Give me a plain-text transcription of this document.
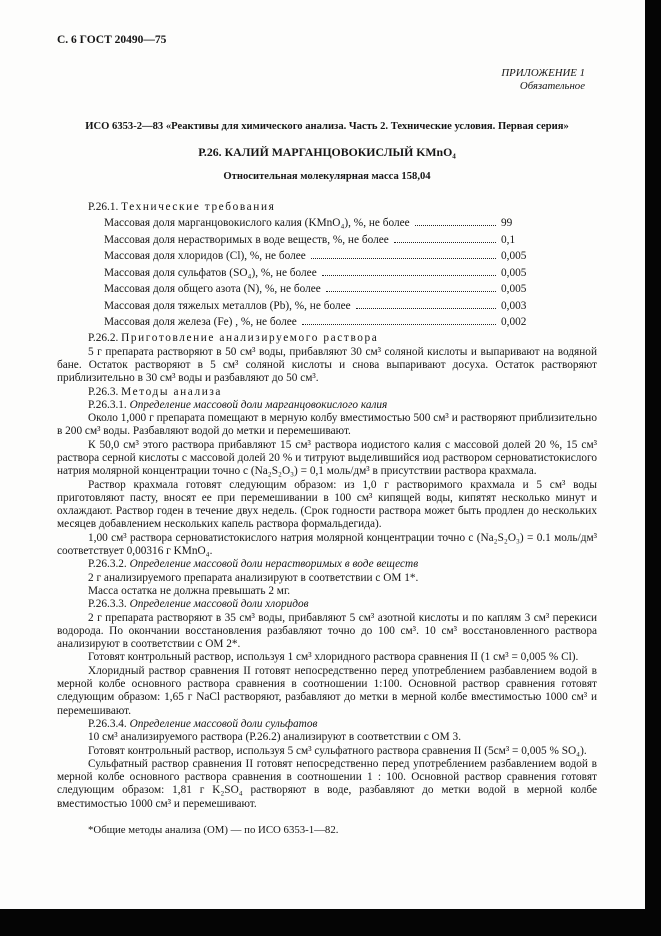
С. 6 ГОСТ 20490—75
ПРИЛОЖЕНИЕ 1
Обязательное
ИСО 6353-2—83 «Реактивы для химического анализа. Часть 2. Технические условия. Первая серия»
Р.26. КАЛИЙ МАРГАНЦОВОКИСЛЫЙ KMnO₄
Относительная молекулярная масса 158,04
Р.26.1. Технические требования
Массовая доля марганцовокислого калия (KMnO₄), %, не более	99
Массовая доля нерастворимых в воде веществ, %, не более	0,1
Массовая доля хлоридов (Cl), %, не более	0,005
Массовая доля сульфатов (SO₄), %, не более	0,005
Массовая доля общего азота (N), %, не более	0,005
Массовая доля тяжелых металлов (Pb), %, не более	0,003
Массовая доля железа (Fe) , %, не более	0,002
Р.26.2. Приготовление анализируемого раствора
5 г препарата растворяют в 50 см³ воды, прибавляют 30 см³ соляной кислоты и выпаривают на водяной бане. Остаток растворяют в 5 см³ соляной кислоты и снова выпаривают досуха. Остаток растворяют приблизительно в 30 см³ воды и разбавляют до 50 см³.
Р.26.3. Методы анализа
Р.26.3.1. Определение массовой доли марганцовокислого калия
Около 1,000 г препарата помещают в мерную колбу вместимостью 500 см³ и растворяют приблизительно в 200 см³ воды. Разбавляют водой до метки и перемешивают.
К 50,0 см³ этого раствора прибавляют 15 см³ раствора иодистого калия с массовой долей 20 %, 15 см³ раствора серной кислоты с массовой долей 20 % и титруют выделившийся иод раствором серноватистокислого натрия молярной концентрации точно с (Na₂S₂O₃) = 0,1 моль/дм³ в присутствии раствора крахмала.
Раствор крахмала готовят следующим образом: из 1,0 г растворимого крахмала и 5 см³ воды приготовляют пасту, вносят ее при перемешивании в 100 см³ кипящей воды, кипятят несколько минут и охлаждают. Раствор годен в течение двух недель. (Срок годности раствора может быть продлен до нескольких месяцев добавлением нескольких капель раствора формальдегида).
1,00 см³ раствора серноватистокислого натрия молярной концентрации точно с (Na₂S₂O₃) = 0.1 моль/дм³ соответствует 0,00316 г KMnO₄.
Р.26.3.2. Определение массовой доли нерастворимых в воде веществ
2 г анализируемого препарата анализируют в соответствии с ОМ 1*.
Масса остатка не должна превышать 2 мг.
Р.26.3.3. Определение массовой доли хлоридов
2 г препарата растворяют в 35 см³ воды, прибавляют 5 см³ азотной кислоты и по каплям 3 см³ перекиси водорода. По окончании восстановления разбавляют точно до 100 см³. 10 см³ восстановленного раствора анализируют в соответствии с ОМ 2*.
Готовят контрольный раствор, используя 1 см³ хлоридного раствора сравнения II (1 см³ = 0,005 % Cl).
Хлоридный раствор сравнения II готовят непосредственно перед употреблением разбавлением водой в мерной колбе основного раствора сравнения в соотношении 1:100. Основной раствор сравнения готовят следующим образом: 1,65 г NaCl растворяют, разбавляют до метки в мерной колбе вместимостью 1000 см³ и перемешивают.
Р.26.3.4. Определение массовой доли сульфатов
10 см³ анализируемого раствора (Р.26.2) анализируют в соответствии с ОМ 3.
Готовят контрольный раствор, используя 5 см³ сульфатного раствора сравнения II (5см³ = 0,005 % SO₄).
Сульфатный раствор сравнения II готовят непосредственно перед употреблением разбавлением водой в мерной колбе основного раствора сравнения в соотношении 1 : 100. Основной раствор сравнения готовят следующим образом: 1,81 г K₂SO₄ растворяют в воде, разбавляют до метки водой в мерной колбе вместимостью 1000 см³ и перемешивают.
*Общие методы анализа (ОМ) — по ИСО 6353-1—82.
